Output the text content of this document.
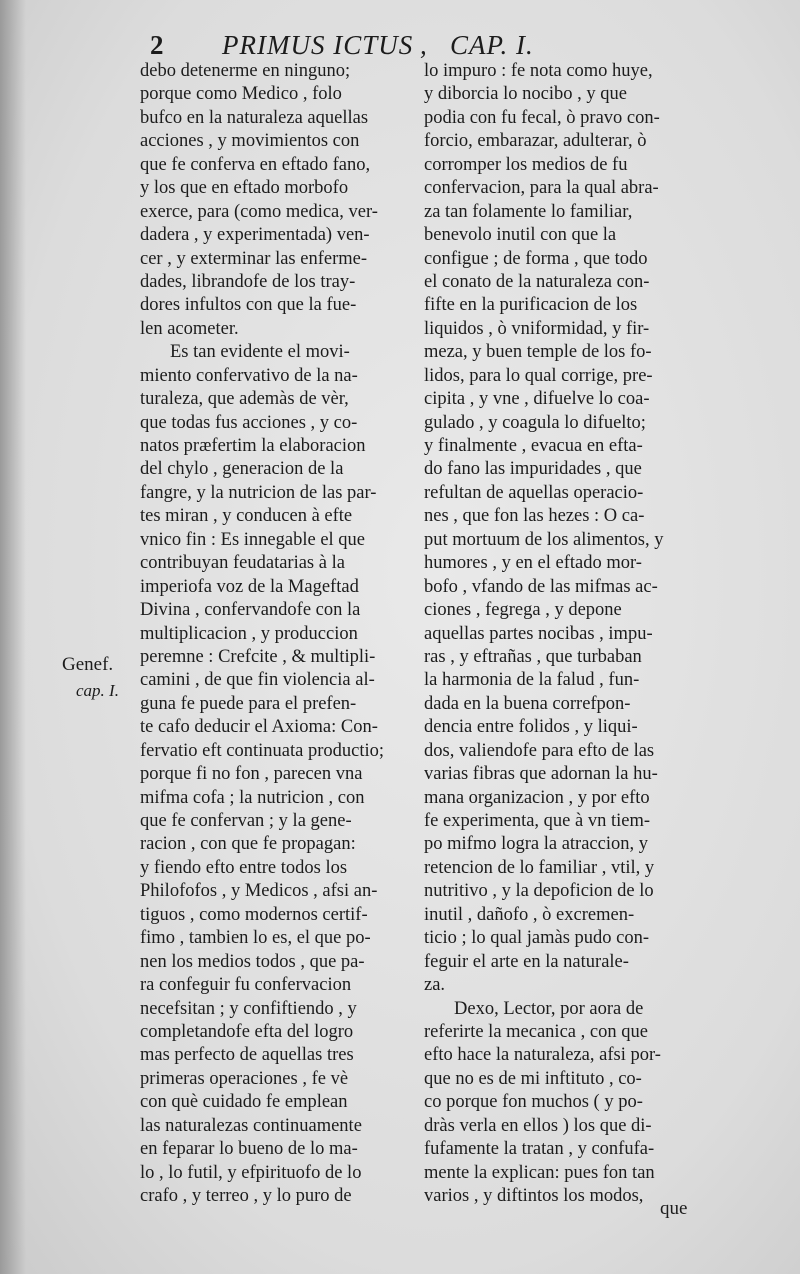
2 PRIMUS ICTUS , CAP. I.
Genef.
cap. I.
debo detenerme en ninguno;
porque como Medico , folo
bufco en la naturaleza aquellas
acciones , y movimientos con
que fe conferva en eftado fano,
y los que en eftado morbofo
exerce, para (como medica, ver-
dadera , y experimentada) ven-
cer , y exterminar las enferme-
dades, librandofe de los tray-
dores infultos con que la fue-
len acometer.
Es tan evidente el movi-
miento confervativo de la na-
turaleza, que ademàs de vèr,
que todas fus acciones , y co-
natos præfertim la elaboracion
del chylo , generacion de la
fangre, y la nutricion de las par-
tes miran , y conducen à efte
vnico fin : Es innegable el que
contribuyan feudatarias à la
imperiofa voz de la Mageftad
Divina , confervandofe con la
multiplicacion , y produccion
peremne : Crefcite , & multipli-
camini , de que fin violencia al-
guna fe puede para el prefen-
te cafo deducir el Axioma: Con-
fervatio eft continuata productio;
porque fi no fon , parecen vna
mifma cofa ; la nutricion , con
que fe confervan ; y la gene-
racion , con que fe propagan:
y fiendo efto entre todos los
Philofofos , y Medicos , afsi an-
tiguos , como modernos certif-
fimo , tambien lo es, el que po-
nen los medios todos , que pa-
ra confeguir fu confervacion
necefsitan ; y confiftiendo , y
completandofe efta del logro
mas perfecto de aquellas tres
primeras operaciones , fe vè
con què cuidado fe emplean
las naturalezas continuamente
en feparar lo bueno de lo ma-
lo , lo futil, y efpirituofo de lo
crafo , y terreo , y lo puro de
lo impuro : fe nota como huye,
y diborcia lo nocibo , y que
podia con fu fecal, ò pravo con-
forcio, embarazar, adulterar, ò
corromper los medios de fu
confervacion, para la qual abra-
za tan folamente lo familiar,
benevolo inutil con que la
configue ; de forma , que todo
el conato de la naturaleza con-
fifte en la purificacion de los
liquidos , ò vniformidad, y fir-
meza, y buen temple de los fo-
lidos, para lo qual corrige, pre-
cipita , y vne , difuelve lo coa-
gulado , y coagula lo difuelto;
y finalmente , evacua en efta-
do fano las impuridades , que
refultan de aquellas operacio-
nes , que fon las hezes : O ca-
put mortuum de los alimentos, y
humores , y en el eftado mor-
bofo , vfando de las mifmas ac-
ciones , fegrega , y depone
aquellas partes nocibas , impu-
ras , y eftrañas , que turbaban
la harmonia de la falud , fun-
dada en la buena correfpon-
dencia entre folidos , y liqui-
dos, valiendofe para efto de las
varias fibras que adornan la hu-
mana organizacion , y por efto
fe experimenta, que à vn tiem-
po mifmo logra la atraccion, y
retencion de lo familiar , vtil, y
nutritivo , y la depoficion de lo
inutil , dañofo , ò excremen-
ticio ; lo qual jamàs pudo con-
feguir el arte en la naturale-
za.
Dexo, Lector, por aora de
referirte la mecanica , con que
efto hace la naturaleza, afsi por-
que no es de mi inftituto , co-
co porque fon muchos ( y po-
dràs verla en ellos ) los que di-
fufamente la tratan , y confufa-
mente la explican: pues fon tan
varios , y diftintos los modos,
que
